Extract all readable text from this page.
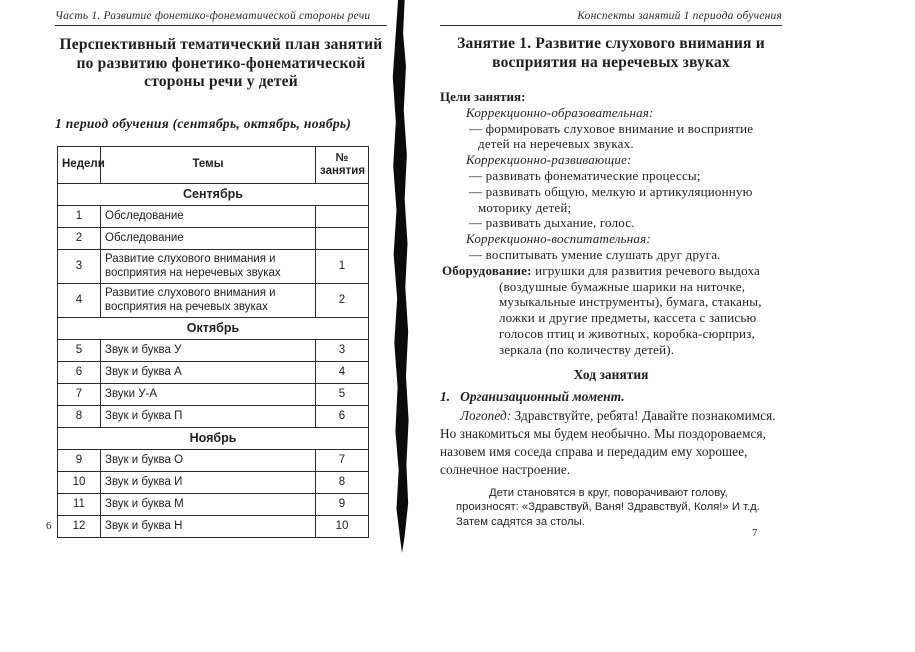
Часть 1. Развитие фонетико-фонематической стороны речи
Перспективный тематический план занятий по развитию фонетико-фонематической стороны речи у детей
1 период обучения (сентябрь, октябрь, ноябрь)
Недели	Темы	№ занятия
Сентябрь		
1	Обследование	
2	Обследование	
3	Развитие слухового внимания и восприятия на неречевых звуках	1
4	Развитие слухового внимания и восприятия на речевых звуках	2
Октябрь		
5	Звук и буква У	3
6	Звук и буква А	4
7	Звуки У-А	5
8	Звук и буква П	6
Ноябрь		
9	Звук и буква О	7
10	Звук и буква И	8
11	Звук и буква М	9
12	Звук и буква Н	10
Конспекты занятий 1 периода обучения
Занятие 1. Развитие слухового внимания и восприятия на неречевых звуках
Цели занятия:
Коррекционно-образовательная:
— формировать слуховое внимание и восприятие детей на неречевых звуках.
Коррекционно-развивающие:
— развивать фонематические процессы;
— развивать общую, мелкую и артикуляционную моторику детей;
— развивать дыхание, голос.
Коррекционно-воспитательная:
— воспитывать умение слушать друг друга.

Оборудование: игрушки для развития речевого выдоха (воздушные бумажные шарики на ниточке, музыкальные инструменты), бумага, стаканы, ложки и другие предметы, кассета с записью голосов птиц и животных, коробка-сюрприз, зеркала (по количеству детей).

Ход занятия
1. Организационный момент.

Логопед: Здравствуйте, ребята! Давайте познакомимся. Но знакомиться мы будем необычно. Мы поздороваемся, назовем имя соседа справа и передадим ему хорошее, солнечное настроение.

Дети становятся в круг, поворачивают голову, произносят: «Здравствуй, Ваня! Здравствуй, Коля!» И т.д. Затем садятся за столы.

6
7
